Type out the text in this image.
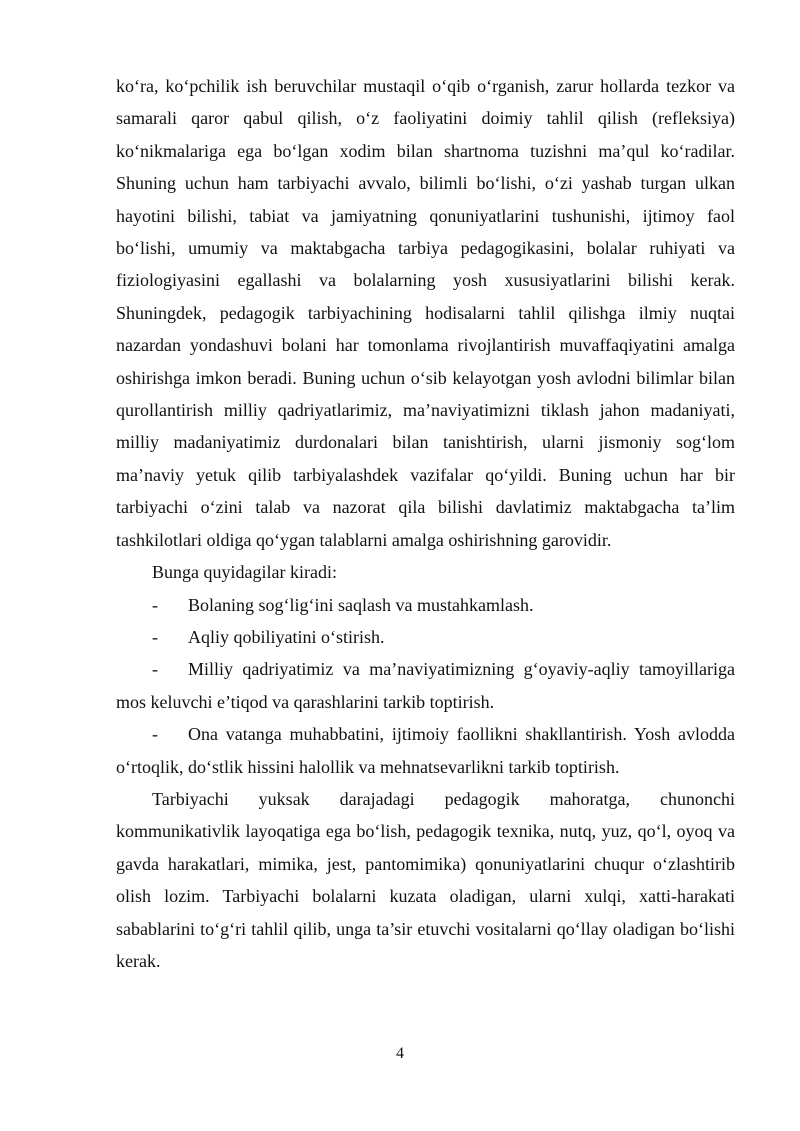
ko‘ra, ko‘pchilik ish beruvchilar mustaqil o‘qib o‘rganish, zarur hollarda tezkor va samarali qaror qabul qilish, o‘z faoliyatini doimiy tahlil qilish (refleksiya) ko‘nikmalariga ega bo‘lgan xodim bilan shartnoma tuzishni ma’qul ko‘radilar. Shuning uchun ham tarbiyachi avvalo, bilimli bo‘lishi, o‘zi yashab turgan ulkan hayotini bilishi, tabiat va jamiyatning qonuniyatlarini tushunishi, ijtimoy faol bo‘lishi, umumiy va maktabgacha tarbiya pedagogikasini, bolalar ruhiyati va fiziologiyasini egallashi va bolalarning yosh xususiyatlarini bilishi kerak. Shuningdek, pedagogik tarbiyachining hodisalarni tahlil qilishga ilmiy nuqtai nazardan yondashuvi bolani har tomonlama rivojlantirish muvaffaqiyatini amalga oshirishga imkon beradi. Buning uchun o‘sib kelayotgan yosh avlodni bilimlar bilan qurollantirish milliy qadriyatlarimiz, ma’naviyatimizni tiklash jahon madaniyati, milliy madaniyatimiz durdonalari bilan tanishtirish, ularni jismoniy sog‘lom ma’naviy yetuk qilib tarbiyalashdek vazifalar qo‘yildi. Buning uchun har bir tarbiyachi o‘zini talab va nazorat qila bilishi davlatimiz maktabgacha ta’lim tashkilotlari oldiga qo‘ygan talablarni amalga oshirishning garovidir.

Bunga quyidagilar kiradi:

- Bolaning sog‘lig‘ini saqlash va mustahkamlash.

- Aqliy qobiliyatini o‘stirish.

- Milliy qadriyatimiz va ma’naviyatimizning g‘oyaviy-aqliy tamoyillariga mos keluvchi e’tiqod va qarashlarini tarkib toptirish.

- Ona vatanga muhabbatini, ijtimoiy faollikni shakllantirish. Yosh avlodda o‘rtoqlik, do‘stlik hissini halollik va mehnatsevarlikni tarkib toptirish.

Tarbiyachi yuksak darajadagi pedagogik mahoratga, chunonchi kommunikativlik layoqatiga ega bo‘lish, pedagogik texnika, nutq, yuz, qo‘l, oyoq va gavda harakatlari, mimika, jest, pantomimika) qonuniyatlarini chuqur o‘zlashtirib olish lozim. Tarbiyachi bolalarni kuzata oladigan, ularni xulqi, xatti-harakati sabablarini to‘g‘ri tahlil qilib, unga ta’sir etuvchi vositalarni qo‘llay oladigan bo‘lishi kerak.

4
